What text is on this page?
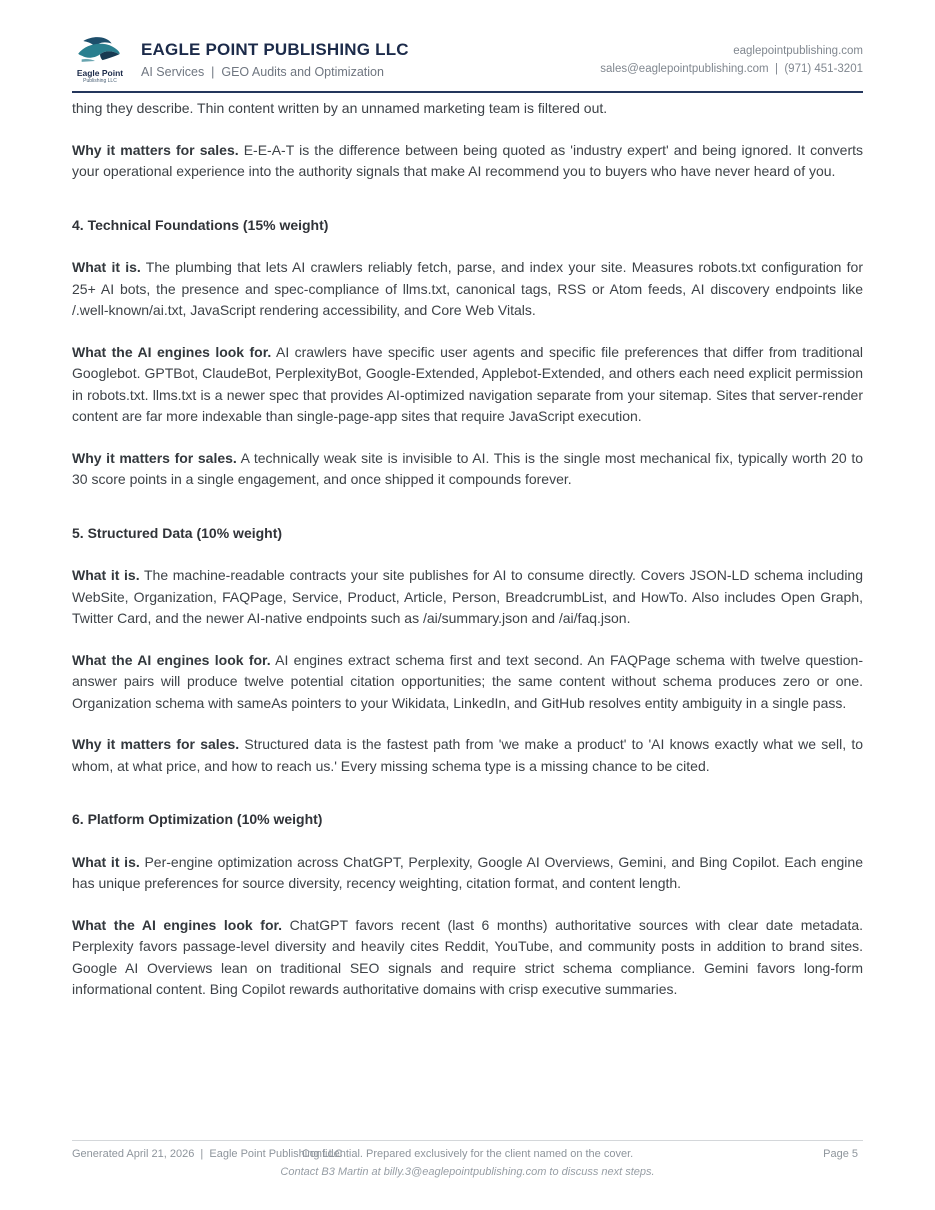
Eagle Point
Publishing LLC
EAGLE POINT PUBLISHING LLC
AI Services  |  GEO Audits and Optimization
eaglepointpublishing.com
sales@eaglepointpublishing.com  |  (971) 451-3201

thing they describe. Thin content written by an unnamed marketing team is filtered out.

Why it matters for sales. E-E-A-T is the difference between being quoted as 'industry expert' and being ignored. It converts your operational experience into the authority signals that make AI recommend you to buyers who have never heard of you.

4. Technical Foundations (15% weight)

What it is. The plumbing that lets AI crawlers reliably fetch, parse, and index your site. Measures robots.txt configuration for 25+ AI bots, the presence and spec-compliance of llms.txt, canonical tags, RSS or Atom feeds, AI discovery endpoints like /.well-known/ai.txt, JavaScript rendering accessibility, and Core Web Vitals.

What the AI engines look for. AI crawlers have specific user agents and specific file preferences that differ from traditional Googlebot. GPTBot, ClaudeBot, PerplexityBot, Google-Extended, Applebot-Extended, and others each need explicit permission in robots.txt. llms.txt is a newer spec that provides AI-optimized navigation separate from your sitemap. Sites that server-render content are far more indexable than single-page-app sites that require JavaScript execution.

Why it matters for sales. A technically weak site is invisible to AI. This is the single most mechanical fix, typically worth 20 to 30 score points in a single engagement, and once shipped it compounds forever.

5. Structured Data (10% weight)

What it is. The machine-readable contracts your site publishes for AI to consume directly. Covers JSON-LD schema including WebSite, Organization, FAQPage, Service, Product, Article, Person, BreadcrumbList, and HowTo. Also includes Open Graph, Twitter Card, and the newer AI-native endpoints such as /ai/summary.json and /ai/faq.json.

What the AI engines look for. AI engines extract schema first and text second. An FAQPage schema with twelve question-answer pairs will produce twelve potential citation opportunities; the same content without schema produces zero or one. Organization schema with sameAs pointers to your Wikidata, LinkedIn, and GitHub resolves entity ambiguity in a single pass.

Why it matters for sales. Structured data is the fastest path from 'we make a product' to 'AI knows exactly what we sell, to whom, at what price, and how to reach us.' Every missing schema type is a missing chance to be cited.

6. Platform Optimization (10% weight)

What it is. Per-engine optimization across ChatGPT, Perplexity, Google AI Overviews, Gemini, and Bing Copilot. Each engine has unique preferences for source diversity, recency weighting, citation format, and content length.

What the AI engines look for. ChatGPT favors recent (last 6 months) authoritative sources with clear date metadata. Perplexity favors passage-level diversity and heavily cites Reddit, YouTube, and community posts in addition to brand sites. Google AI Overviews lean on traditional SEO signals and require strict schema compliance. Gemini favors long-form informational content. Bing Copilot rewards authoritative domains with crisp executive summaries.

Generated April 21, 2026  |  Eagle Point Publishing LLC
Confidential. Prepared exclusively for the client named on the cover.	Page 5
Contact B3 Martin at billy.3@eaglepointpublishing.com to discuss next steps.
